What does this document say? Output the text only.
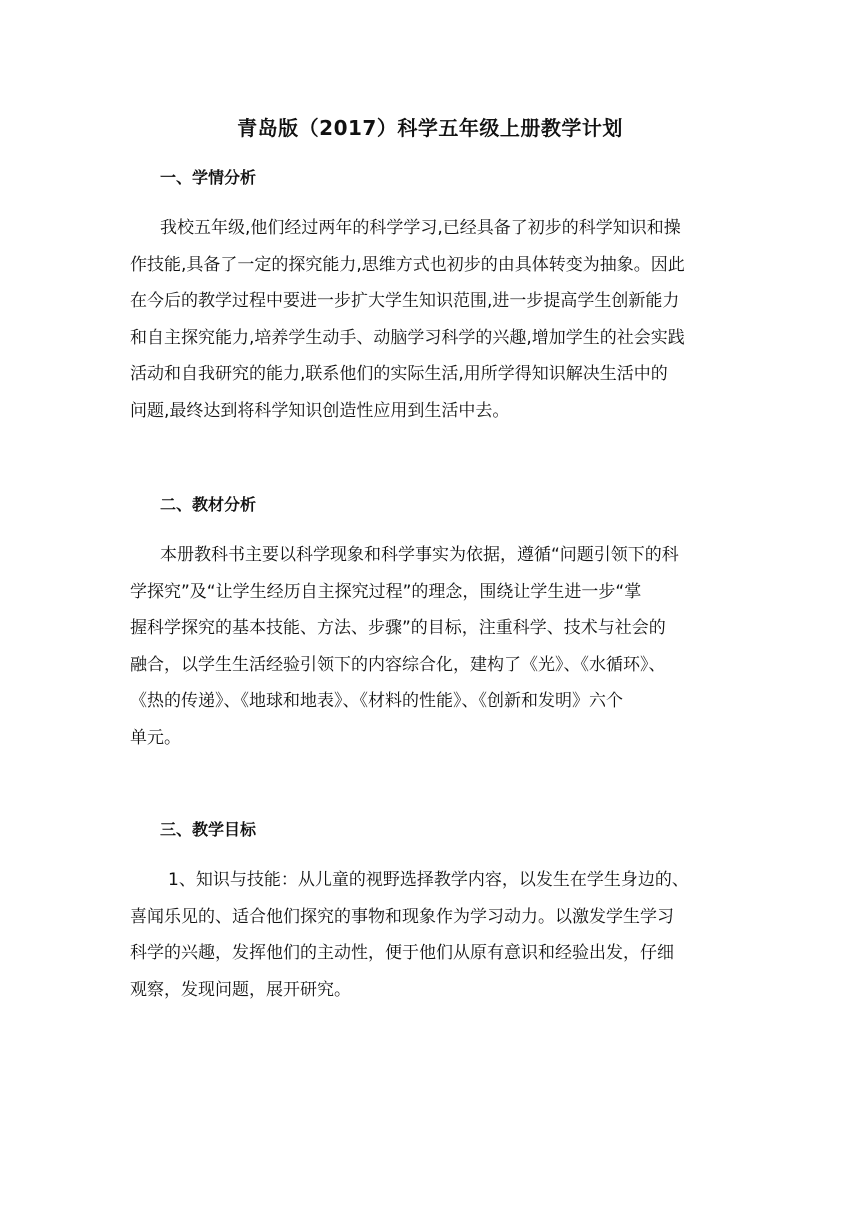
青岛版（2017）科学五年级上册教学计划
一、学情分析
我校五年级,他们经过两年的科学学习,已经具备了初步的科学知识和操
作技能,具备了一定的探究能力,思维方式也初步的由具体转变为抽象。因此
在今后的教学过程中要进一步扩大学生知识范围,进一步提高学生创新能力
和自主探究能力,培养学生动手、动脑学习科学的兴趣,增加学生的社会实践
活动和自我研究的能力,联系他们的实际生活,用所学得知识解决生活中的
问题,最终达到将科学知识创造性应用到生活中去。
二、教材分析
本册教科书主要以科学现象和科学事实为依据，遵循“问题引领下的科
学探究”及“让学生经历自主探究过程”的理念，围绕让学生进一步“掌
握科学探究的基本技能、方法、步骤”的目标，注重科学、技术与社会的
融合，以学生生活经验引领下的内容综合化，建构了《光》、《水循环》、
《热的传递》、《地球和地表》、《材料的性能》、《创新和发明》六个
单元。
三、教学目标
1、知识与技能：从儿童的视野选择教学内容，以发生在学生身边的、
喜闻乐见的、适合他们探究的事物和现象作为学习动力。以激发学生学习
科学的兴趣，发挥他们的主动性，便于他们从原有意识和经验出发，仔细
观察，发现问题，展开研究。
